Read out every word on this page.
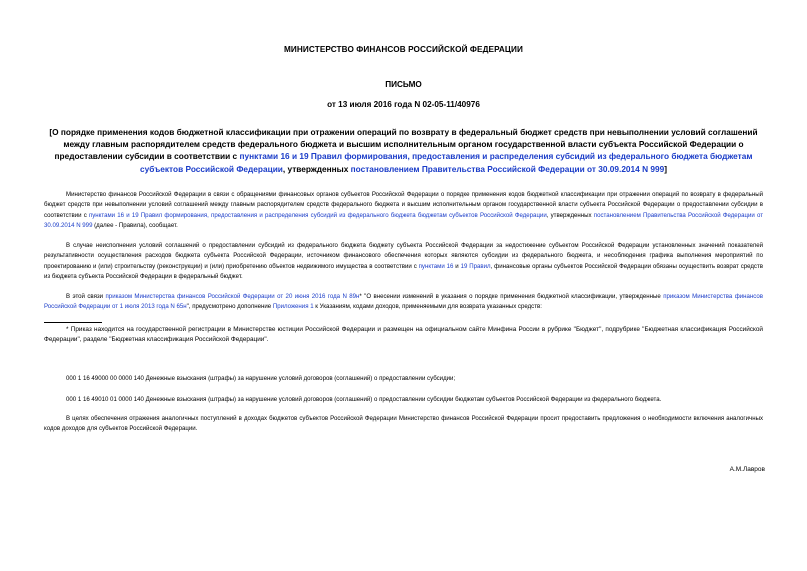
МИНИСТЕРСТВО ФИНАНСОВ РОССИЙСКОЙ ФЕДЕРАЦИИ
ПИСЬМО
от 13 июля 2016 года N 02-05-11/40976
[О порядке применения кодов бюджетной классификации при отражении операций по возврату в федеральный бюджет средств при невыполнении условий соглашений между главным распорядителем средств федерального бюджета и высшим исполнительным органом государственной власти субъекта Российской Федерации о предоставлении субсидии в соответствии с пунктами 16 и 19 Правил формирования, предоставления и распределения субсидий из федерального бюджета бюджетам субъектов Российской Федерации, утвержденных постановлением Правительства Российской Федерации от 30.09.2014 N 999]
Министерство финансов Российской Федерации в связи с обращениями финансовых органов субъектов Российской Федерации о порядке применения кодов бюджетной классификации при отражении операций по возврату в федеральный бюджет средств при невыполнении условий соглашений между главным распорядителем средств федерального бюджета и высшим исполнительным органом государственной власти субъекта Российской Федерации о предоставлении субсидии в соответствии с пунктами 16 и 19 Правил формирования, предоставления и распределения субсидий из федерального бюджета бюджетам субъектов Российской Федерации, утвержденных постановлением Правительства Российской Федерации от 30.09.2014 N 999 (далее - Правила), сообщает.
В случае неисполнения условий соглашений о предоставлении субсидий из федерального бюджета бюджету субъекта Российской Федерации за недостижение субъектом Российской Федерации установленных значений показателей результативности осуществления расходов бюджета субъекта Российской Федерации, источником финансового обеспечения которых являются субсидии из федерального бюджета, и несоблюдения графика выполнения мероприятий по проектированию и (или) строительству (реконструкции) и (или) приобретению объектов недвижимого имущества в соответствии с пунктами 16 и 19 Правил, финансовые органы субъектов Российской Федерации обязаны осуществить возврат средств из бюджета субъекта Российской Федерации в федеральный бюджет.
В этой связи приказом Министерства финансов Российской Федерации от 20 июня 2016 года N 89н* "О внесении изменений в указания о порядке применения бюджетной классификации, утвержденные приказом Министерства финансов Российской Федерации от 1 июля 2013 года N 65н", предусмотрено дополнение Приложения 1 к Указаниям, кодами доходов, применяемыми для возврата указанных средств:
* Приказ находится на государственной регистрации в Министерстве юстиции Российской Федерации и размещен на официальном сайте Минфина России в рубрике "Бюджет", подрубрике "Бюджетная классификация Российской Федерации", разделе "Бюджетная классификация Российской Федерации".
000 1 16 49000 00 0000 140 Денежные взыскания (штрафы) за нарушение условий договоров (соглашений) о предоставлении субсидии;
000 1 16 49010 01 0000 140 Денежные взыскания (штрафы) за нарушение условий договоров (соглашений) о предоставлении субсидии бюджетам субъектов Российской Федерации из федерального бюджета.
В целях обеспечения отражения аналогичных поступлений в доходах бюджетов субъектов Российской Федерации Министерство финансов Российской Федерации просит предоставить предложения о необходимости включения аналогичных кодов доходов для субъектов Российской Федерации.
А.М.Лавров
